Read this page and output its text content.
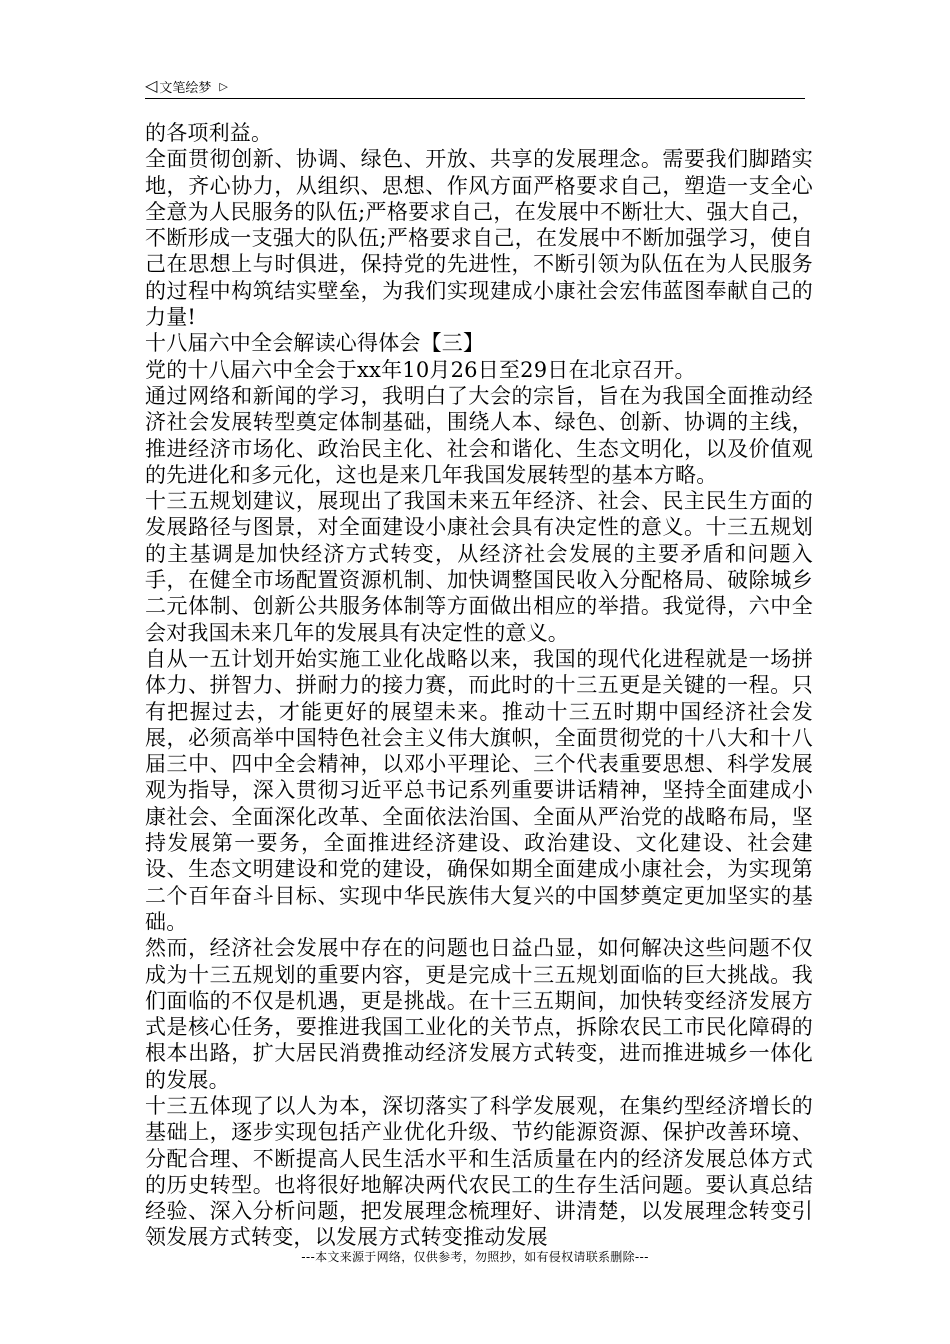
◁ 文笔绘梦 ▷

的各项利益。

全面贯彻创新、协调、绿色、开放、共享的发展理念。需要我们脚踏实地，齐心协力，从组织、思想、作风方面严格要求自己，塑造一支全心全意为人民服务的队伍;严格要求自己，在发展中不断壮大、强大自己，不断形成一支强大的队伍;严格要求自己，在发展中不断加强学习，使自己在思想上与时俱进，保持党的先进性，不断引领为队伍在为人民服务的过程中构筑结实壁垒，为我们实现建成小康社会宏伟蓝图奉献自己的力量!

十八届六中全会解读心得体会【三】

党的十八届六中全会于xx年10月26日至29日在北京召开。

通过网络和新闻的学习，我明白了大会的宗旨，旨在为我国全面推动经济社会发展转型奠定体制基础，围绕人本、绿色、创新、协调的主线，推进经济市场化、政治民主化、社会和谐化、生态文明化，以及价值观的先进化和多元化，这也是来几年我国发展转型的基本方略。

十三五规划建议，展现出了我国未来五年经济、社会、民主民生方面的发展路径与图景，对全面建设小康社会具有决定性的意义。十三五规划的主基调是加快经济方式转变，从经济社会发展的主要矛盾和问题入手，在健全市场配置资源机制、加快调整国民收入分配格局、破除城乡二元体制、创新公共服务体制等方面做出相应的举措。我觉得，六中全会对我国未来几年的发展具有决定性的意义。

自从一五计划开始实施工业化战略以来，我国的现代化进程就是一场拼体力、拼智力、拼耐力的接力赛，而此时的十三五更是关键的一程。只有把握过去，才能更好的展望未来。推动十三五时期中国经济社会发展，必须高举中国特色社会主义伟大旗帜，全面贯彻党的十八大和十八届三中、四中全会精神，以邓小平理论、三个代表重要思想、科学发展观为指导，深入贯彻习近平总书记系列重要讲话精神，坚持全面建成小康社会、全面深化改革、全面依法治国、全面从严治党的战略布局，坚持发展第一要务，全面推进经济建设、政治建设、文化建设、社会建设、生态文明建设和党的建设，确保如期全面建成小康社会，为实现第二个百年奋斗目标、实现中华民族伟大复兴的中国梦奠定更加坚实的基础。

然而，经济社会发展中存在的问题也日益凸显，如何解决这些问题不仅成为十三五规划的重要内容，更是完成十三五规划面临的巨大挑战。我们面临的不仅是机遇，更是挑战。在十三五期间，加快转变经济发展方式是核心任务，要推进我国工业化的关节点，拆除农民工市民化障碍的根本出路，扩大居民消费推动经济发展方式转变，进而推进城乡一体化的发展。

十三五体现了以人为本，深切落实了科学发展观，在集约型经济增长的基础上，逐步实现包括产业优化升级、节约能源资源、保护改善环境、分配合理、不断提高人民生活水平和生活质量在内的经济发展总体方式的历史转型。也将很好地解决两代农民工的生存生活问题。要认真总结经验、深入分析问题，把发展理念梳理好、讲清楚，以发展理念转变引领发展方式转变，以发展方式转变推动发展

---本文来源于网络，仅供参考，勿照抄，如有侵权请联系删除---
